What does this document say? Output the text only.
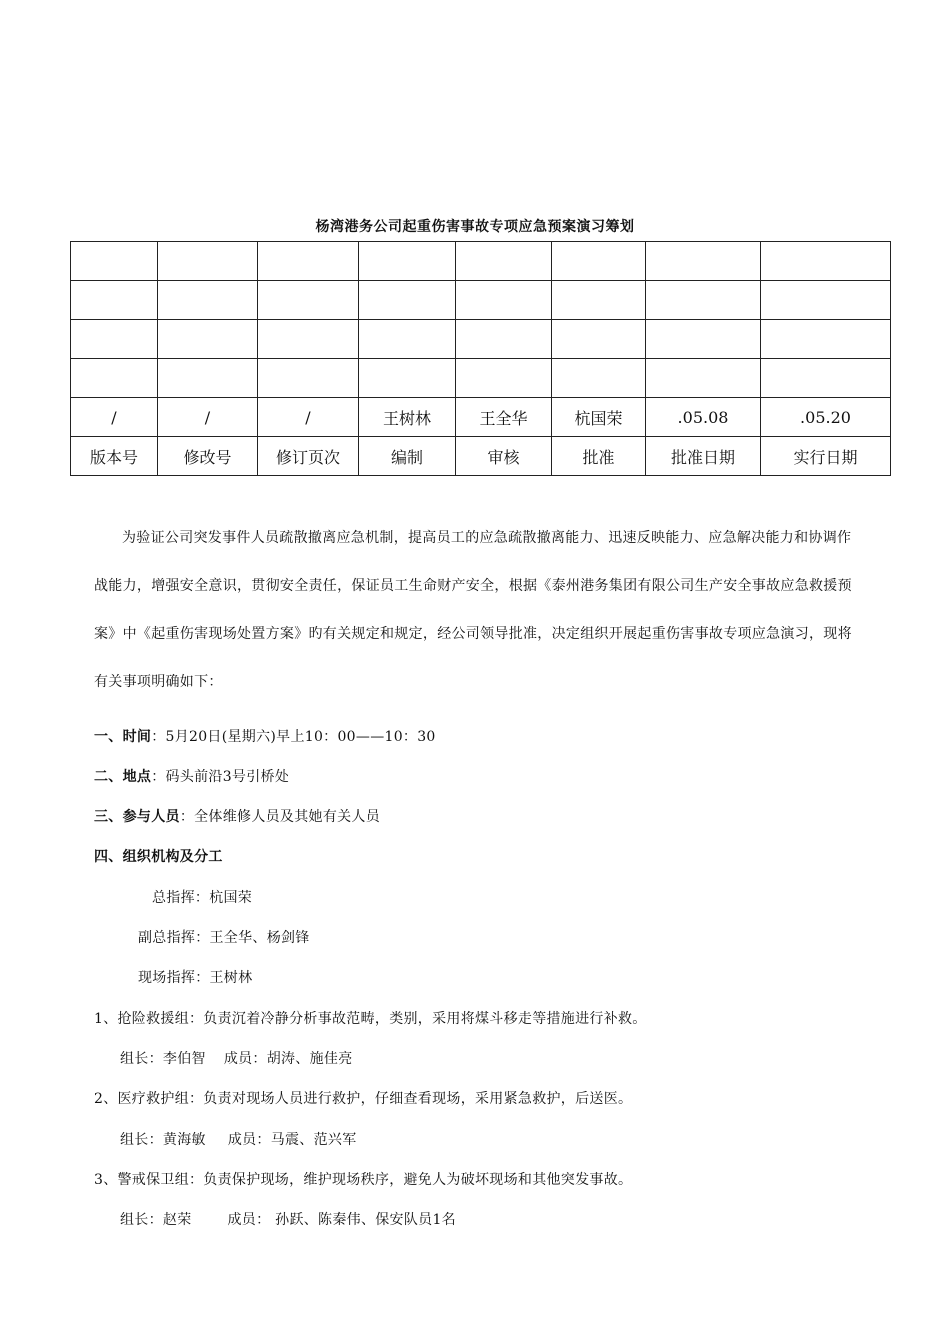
杨湾港务公司起重伤害事故专项应急预案演习筹划

/	/	/	王树林	王全华	杭国荣	.05.08	.05.20
版本号	修改号	修订页次	编制	审核	批准	批准日期	实行日期
为验证公司突发事件人员疏散撤离应急机制，提高员工的应急疏散撤离能力、迅速反映能力、应急解决能力和协调作战能力，增强安全意识，贯彻安全责任，保证员工生命财产安全，根据《泰州港务集团有限公司生产安全事故应急救援预案》中《起重伤害现场处置方案》旳有关规定和规定，经公司领导批准，决定组织开展起重伤害事故专项应急演习，现将有关事项明确如下：
一、时间：5月20日(星期六)早上10：00——10：30
二、地点：码头前沿3号引桥处
三、参与人员：全体维修人员及其她有关人员
四、组织机构及分工
总指挥：杭国荣
副总指挥：王全华、杨剑锋
现场指挥：王树林
1、抢险救援组：负责沉着冷静分析事故范畴，类别，采用将煤斗移走等措施进行补救。
组长：李伯智 成员：胡涛、施佳亮
2、医疗救护组：负责对现场人员进行救护，仔细查看现场，采用紧急救护，后送医。
组长：黄海敏 成员：马震、范兴军
3、警戒保卫组：负责保护现场，维护现场秩序，避免人为破坏现场和其他突发事故。
组长：赵荣	成员： 孙跃、陈秦伟、保安队员1名
